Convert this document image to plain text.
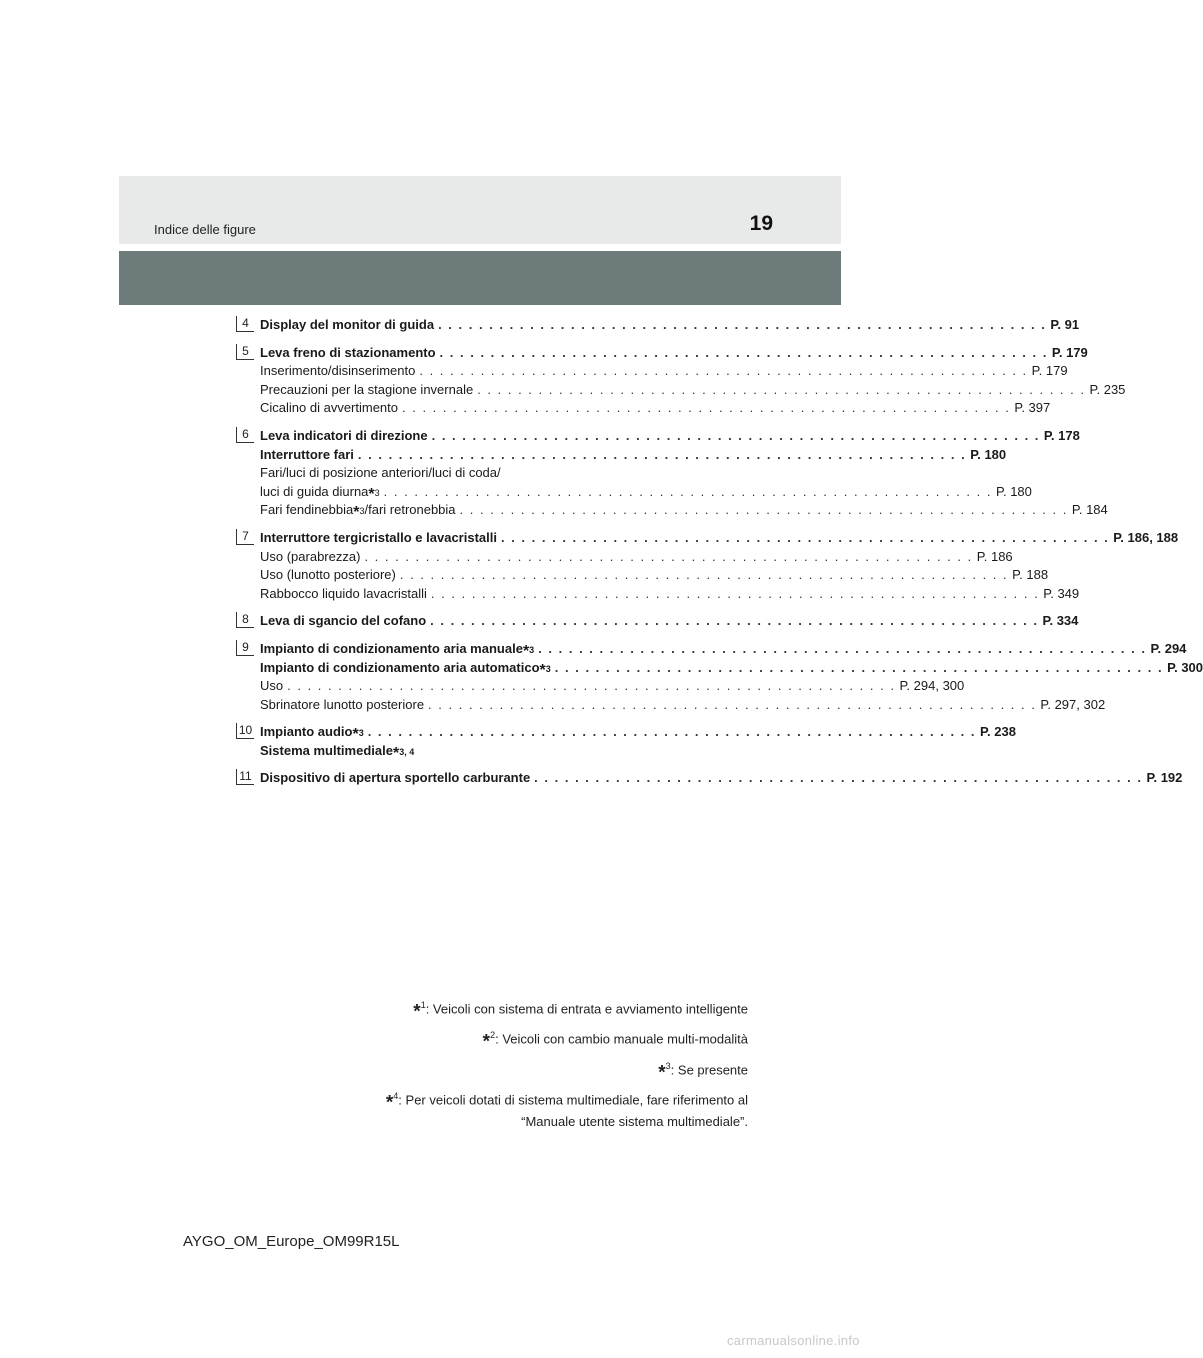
Indice delle figure	19
4 Display del monitor di guida . . . . . . . . . . . . . . . . . . . . . . . . . . . . . . . . . . . . . . . . . . . . . . . . . . . . . . . . . . . . P. 91
5 Leva freno di stazionamento . . . . . . . . . . . . . . . . . . . . . . . . . . . . . . . . . . . . . . . . . . . . . . . . . . . . . . . . . . . . P. 179
Inserimento/disinserimento . . . . . . . . . . . . . . . . . . . . . . . . . . . . . . . . . . . . . . . . . . . . . . . . . . . . . . . . . . . . P. 179
Precauzioni per la stagione invernale . . . . . . . . . . . . . . . . . . . . . . . . . . . . . . . . . . . . . . . . . . . . . . . . . . . . . . . . . . . . P. 235
Cicalino di avvertimento . . . . . . . . . . . . . . . . . . . . . . . . . . . . . . . . . . . . . . . . . . . . . . . . . . . . . . . . . . . . P. 397
6 Leva indicatori di direzione . . . . . . . . . . . . . . . . . . . . . . . . . . . . . . . . . . . . . . . . . . . . . . . . . . . . . . . . . . . . P. 178
Interruttore fari . . . . . . . . . . . . . . . . . . . . . . . . . . . . . . . . . . . . . . . . . . . . . . . . . . . . . . . . . . . . P. 180
Fari/luci di posizione anteriori/luci di coda/
luci di guida diurna *3 . . . . . . . . . . . . . . . . . . . . . . . . . . . . . . . . . . . . . . . . . . . . . . . . . . . . . . . . . . . . P. 180
Fari fendinebbia *3 /fari retronebbia . . . . . . . . . . . . . . . . . . . . . . . . . . . . . . . . . . . . . . . . . . . . . . . . . . . . . . . . . . . . P. 184
7 Interruttore tergicristallo e lavacristalli . . . . . . . . . . . . . . . . . . . . . . . . . . . . . . . . . . . . . . . . . . . . . . . . . . . . . . . . . . . . P. 186, 188
Uso (parabrezza) . . . . . . . . . . . . . . . . . . . . . . . . . . . . . . . . . . . . . . . . . . . . . . . . . . . . . . . . . . . . P. 186
Uso (lunotto posteriore) . . . . . . . . . . . . . . . . . . . . . . . . . . . . . . . . . . . . . . . . . . . . . . . . . . . . . . . . . . . . P. 188
Rabbocco liquido lavacristalli . . . . . . . . . . . . . . . . . . . . . . . . . . . . . . . . . . . . . . . . . . . . . . . . . . . . . . . . . . . . P. 349
8 Leva di sgancio del cofano . . . . . . . . . . . . . . . . . . . . . . . . . . . . . . . . . . . . . . . . . . . . . . . . . . . . . . . . . . . . P. 334
9 Impianto di condizionamento aria manuale *3 . . . . . . . . . . . . . . . . . . . . . . . . . . . . . . . . . . . . . . . . . . . . . . . . . . . . . . . . . . . . P. 294
Impianto di condizionamento aria automatico *3 . . . . . . . . . . . . . . . . . . . . . . . . . . . . . . . . . . . . . . . . . . . . . . . . . . . . . . . . . . . . P. 300
Uso . . . . . . . . . . . . . . . . . . . . . . . . . . . . . . . . . . . . . . . . . . . . . . . . . . . . . . . . . . . . P. 294, 300
Sbrinatore lunotto posteriore . . . . . . . . . . . . . . . . . . . . . . . . . . . . . . . . . . . . . . . . . . . . . . . . . . . . . . . . . . . . P. 297, 302
10 Impianto audio *3 . . . . . . . . . . . . . . . . . . . . . . . . . . . . . . . . . . . . . . . . . . . . . . . . . . . . . . . . . . . . P. 238
Sistema multimediale *3, 4
11 Dispositivo di apertura sportello carburante . . . . . . . . . . . . . . . . . . . . . . . . . . . . . . . . . . . . . . . . . . . . . . . . . . . . . . . . . . . . P. 192
*$^1$: Veicoli con sistema di entrata e avviamento intelligente
*$^2$: Veicoli con cambio manuale multi-modalità
*$^3$: Se presente
*$^4$: Per veicoli dotati di sistema multimediale, fare riferimento al
“Manuale utente sistema multimediale”.
AYGO_OM_Europe_OM99R15L
carmanualsonline.info
